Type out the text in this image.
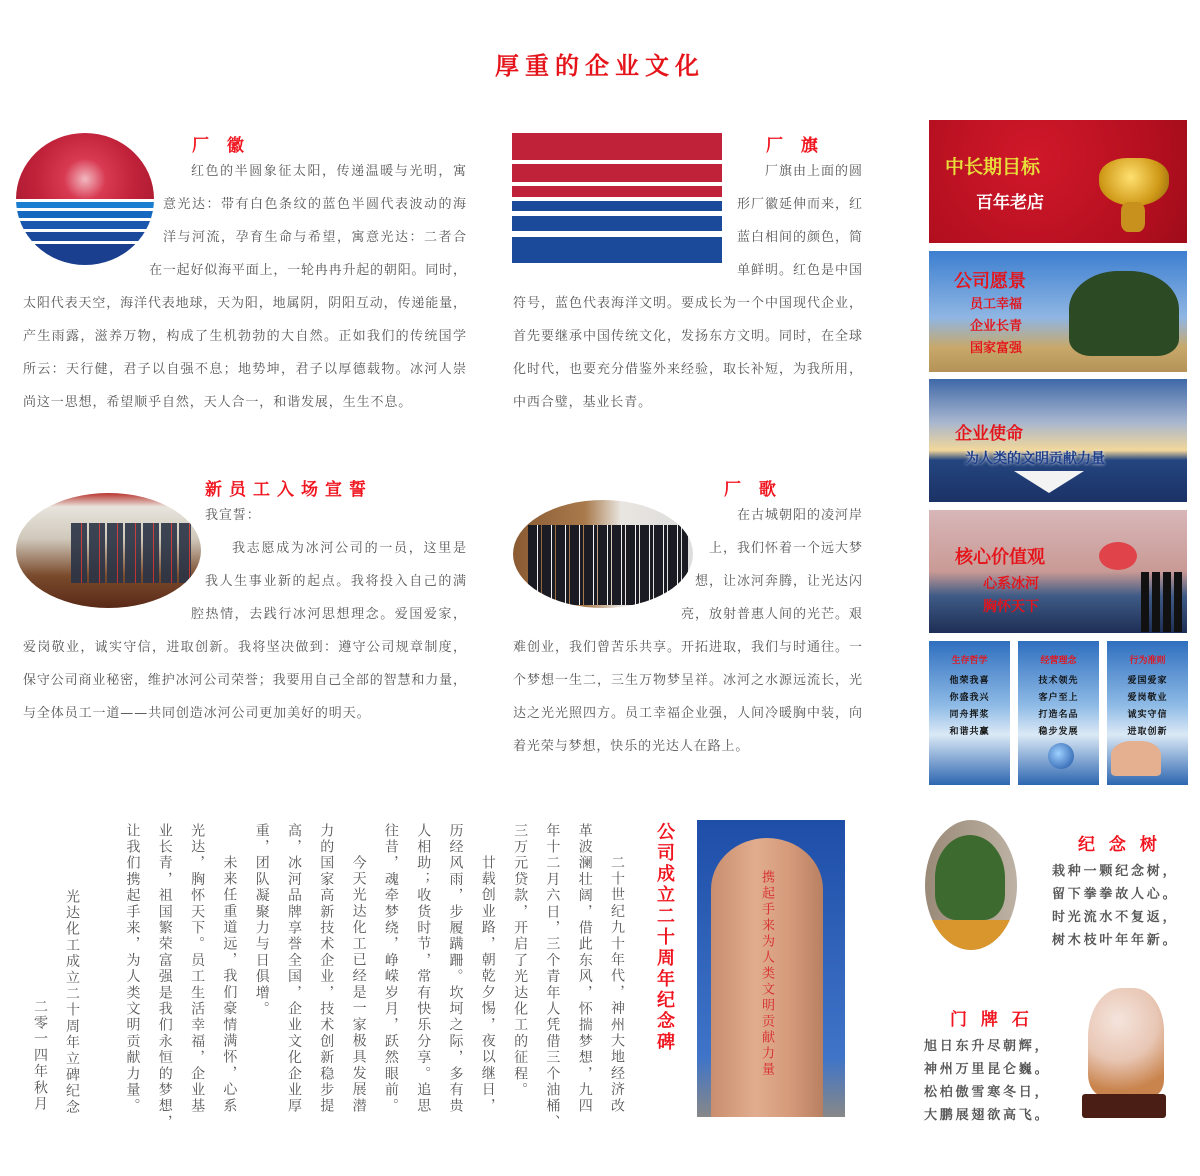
厚重的企业文化
厂 徽
红色的半圆象征太阳，传递温暖与光明，寓
意光达：带有白色条纹的蓝色半圆代表波动的海
洋与河流，孕育生命与希望，寓意光达：二者合
在一起好似海平面上，一轮冉冉升起的朝阳。同时，
太阳代表天空，海洋代表地球，天为阳，地属阴，阴阳互动，传递能量，
产生雨露，滋养万物，构成了生机勃勃的大自然。正如我们的传统国学
所云：天行健，君子以自强不息；地势坤，君子以厚德载物。冰河人崇
尚这一思想，希望顺乎自然，天人合一，和谐发展，生生不息。
厂 旗
厂旗由上面的圆
形厂徽延伸而来，红
蓝白相间的颜色，简
单鲜明。红色是中国
符号，蓝色代表海洋文明。要成长为一个中国现代企业，
首先要继承中国传统文化，发扬东方文明。同时，在全球
化时代，也要充分借鉴外来经验，取长补短，为我所用，
中西合璧，基业长青。
新员工入场宣誓
我宣誓：
我志愿成为冰河公司的一员，这里是
我人生事业新的起点。我将投入自己的满
腔热情，去践行冰河思想理念。爱国爱家，
爱岗敬业，诚实守信，进取创新。我将坚决做到：遵守公司规章制度，
保守公司商业秘密，维护冰河公司荣誉；我要用自己全部的智慧和力量，
与全体员工一道——共同创造冰河公司更加美好的明天。
厂 歌
在古城朝阳的凌河岸
上，我们怀着一个远大梦
想，让冰河奔腾，让光达闪
亮，放射普惠人间的光芒。艰
难创业，我们曾苦乐共享。开拓进取，我们与时通往。一
个梦想一生二，三生万物梦呈祥。冰河之水源远流长，光
达之光光照四方。员工幸福企业强，人间冷暖胸中装，向
着光荣与梦想，快乐的光达人在路上。
中长期目标
百年老店
公司愿景
员工幸福
企业长青
国家富强
企业使命
为人类的文明贡献力量
核心价值观
心系冰河
胸怀天下
生存哲学
他荣我喜
你盛我兴
同舟挥浆
和谐共赢
经营理念
技术领先
客户至上
打造名品
稳步发展
行为准则
爱国爱家
爱岗敬业
诚实守信
进取创新
二十世纪九十年代，神州大地经济改
革波澜壮阔，借此东风，怀揣梦想，九四
年十二月六日，三个青年人凭借三个油桶、
三万元贷款，开启了光达化工的征程。
廿载创业路，朝乾夕惕，夜以继日，
历经风雨，步履蹒跚。坎坷之际，多有贵
人相助；收货时节，常有快乐分享。追思
往昔，魂牵梦绕，峥嵘岁月，跃然眼前。
今天光达化工已经是一家极具发展潜
力的国家高新技术企业，技术创新稳步提
高，冰河品牌享誉全国，企业文化企业厚
重，团队凝聚力与日俱增。
未来任重道远，我们豪情满怀，心系
光达，胸怀天下。员工生活幸福，企业基
业长青，祖国繁荣富强是我们永恒的梦想，
让我们携起手来，为人类文明贡献力量。
光达化工成立二十周年立碑纪念
二零一四年秋月
公司成立二十周年纪念碑	携起手来为人类文明贡献力量
纪 念 树
栽种一颗纪念树，
留下拳拳故人心。
时光流水不复返，
树木枝叶年年新。
门 牌 石
旭日东升尽朝辉，
神州万里昆仑巍。
松柏傲雪寒冬日，
大鹏展翅欲高飞。
